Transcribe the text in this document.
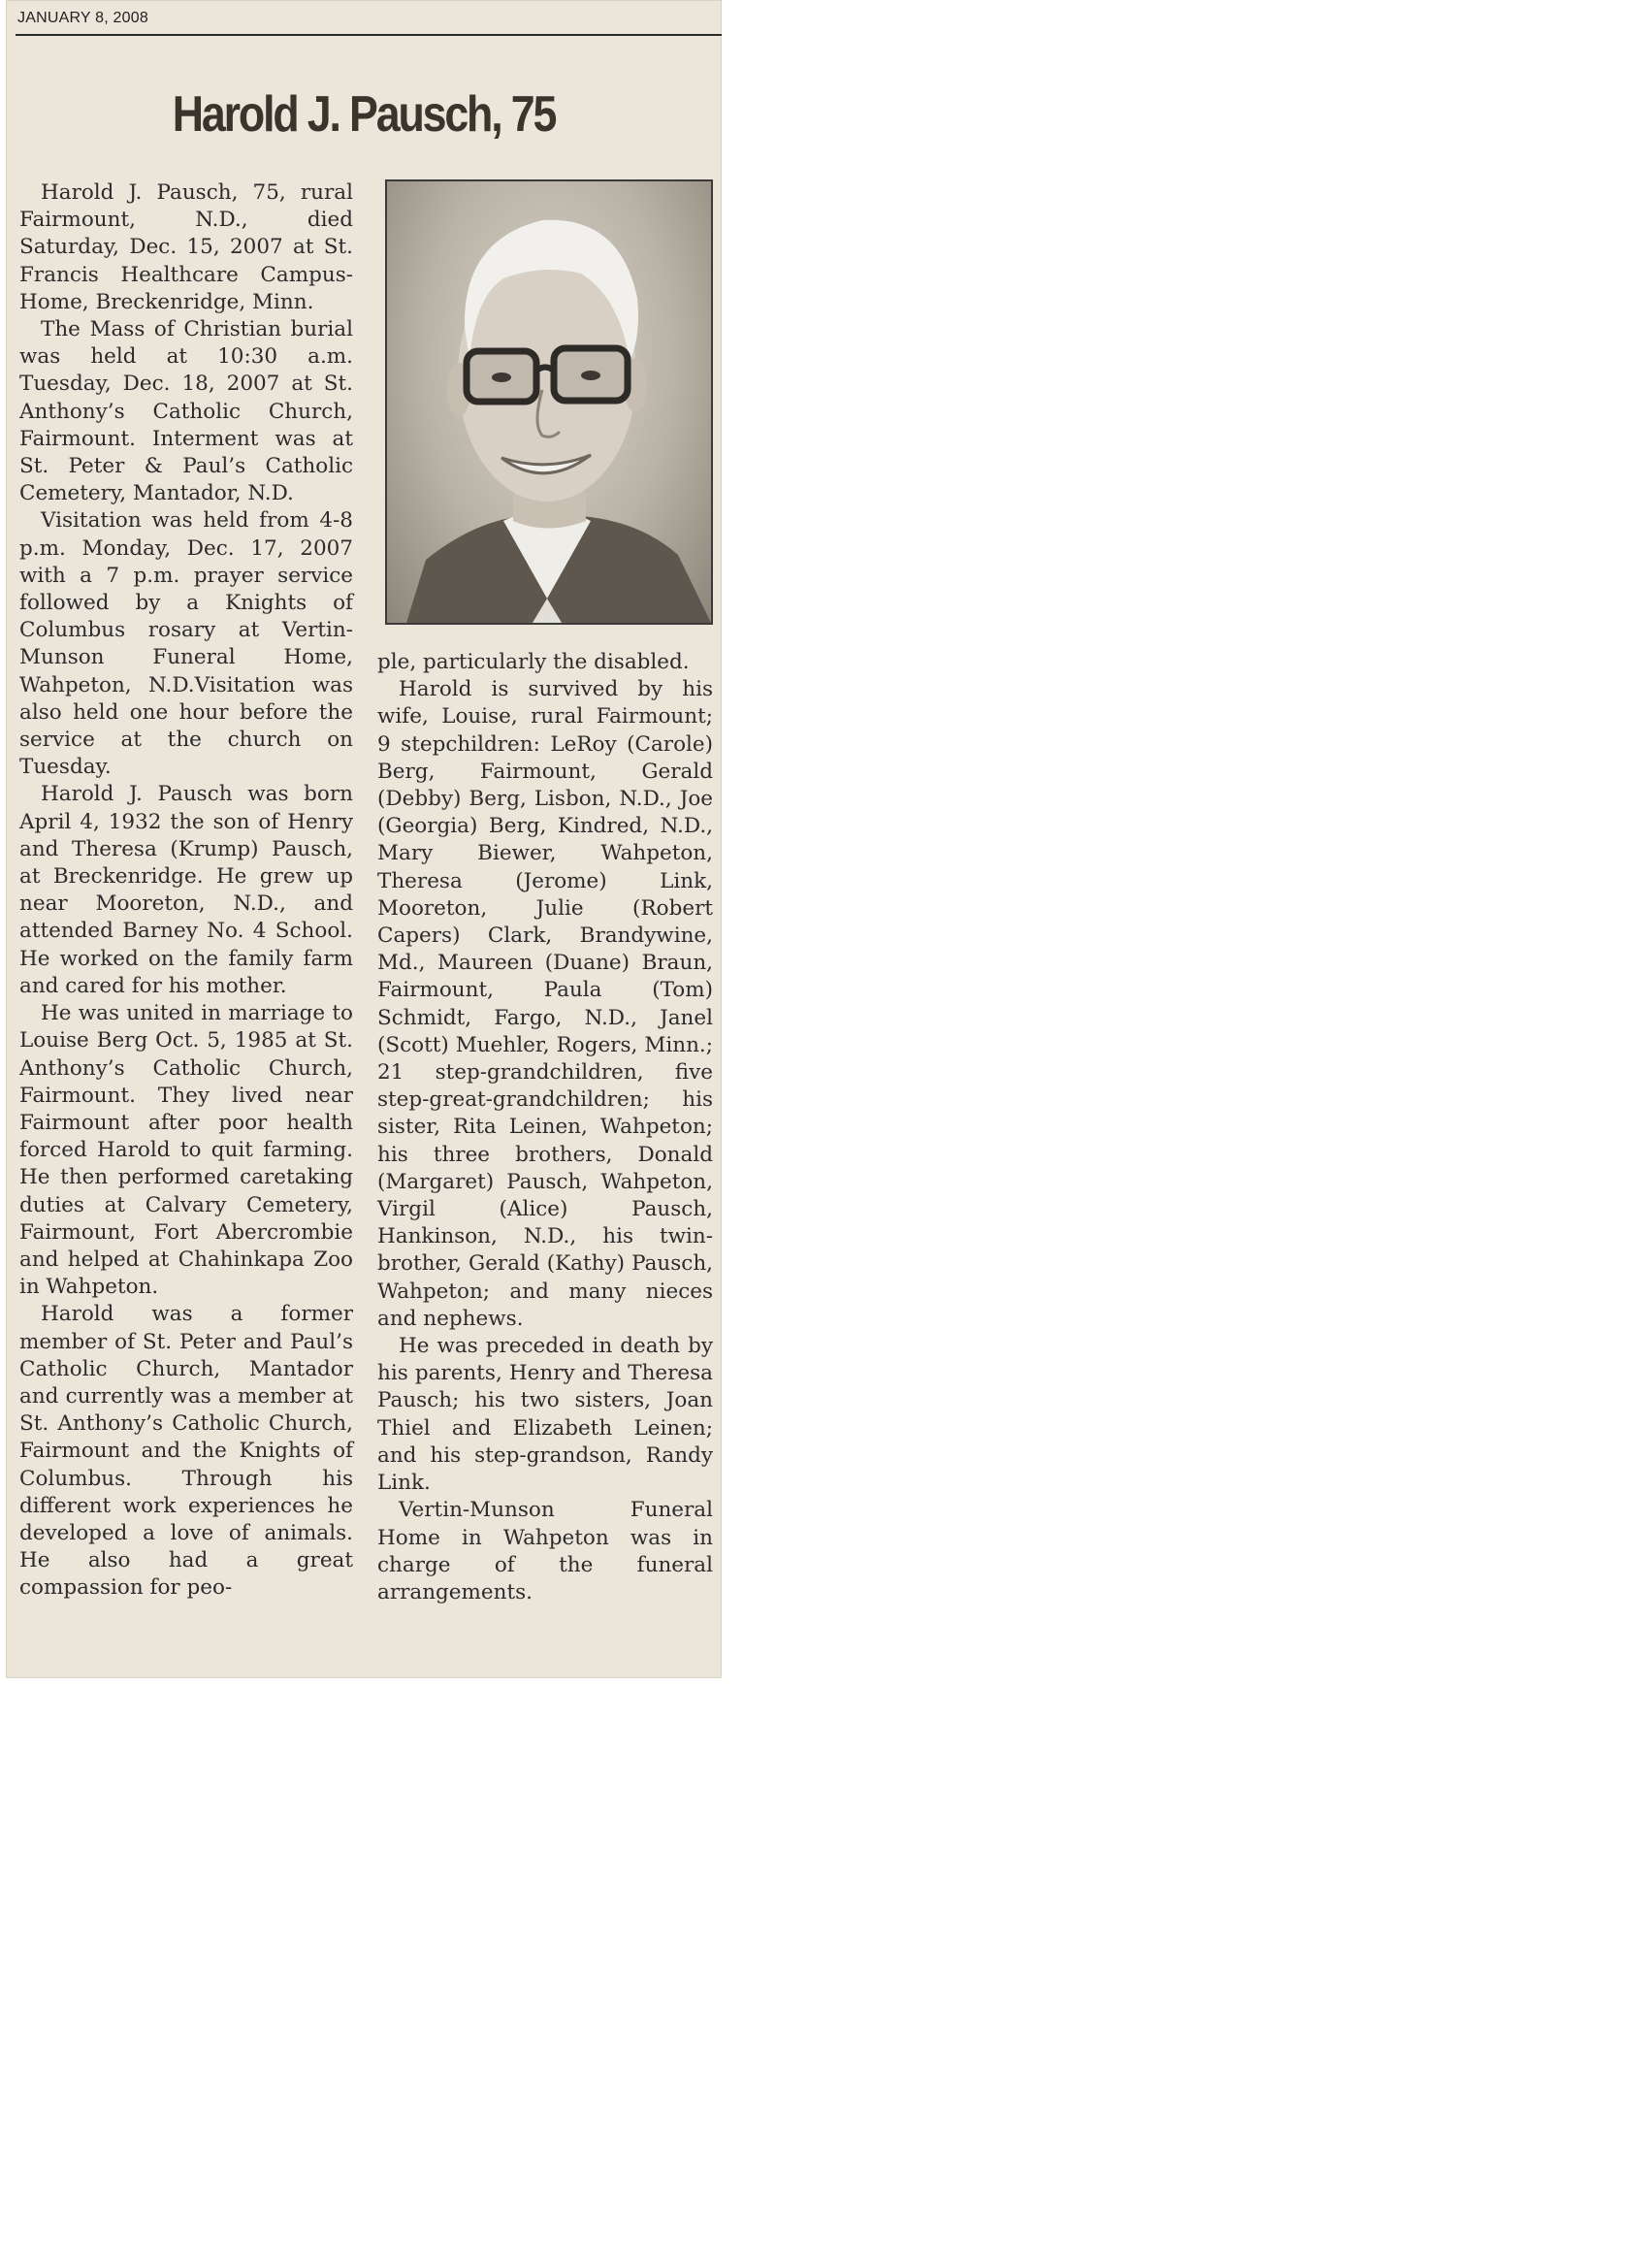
JANUARY 8, 2008
Harold J. Pausch, 75

Harold J. Pausch, 75, rural Fairmount, N.D., died Saturday, Dec. 15, 2007 at St. Francis Healthcare Campus-Home, Breckenridge, Minn.

The Mass of Christian burial was held at 10:30 a.m. Tuesday, Dec. 18, 2007 at St. Anthony’s Catholic Church, Fairmount. Interment was at St. Peter & Paul’s Catholic Cemetery, Mantador, N.D.

Visitation was held from 4-8 p.m. Monday, Dec. 17, 2007 with a 7 p.m. prayer service followed by a Knights of Columbus rosary at Vertin-Munson Funeral Home, Wahpeton, N.D.Visitation was also held one hour before the service at the church on Tuesday.

Harold J. Pausch was born April 4, 1932 the son of Henry and Theresa (Krump) Pausch, at Breckenridge. He grew up near Mooreton, N.D., and attended Barney No. 4 School. He worked on the family farm and cared for his mother.

He was united in marriage to Louise Berg Oct. 5, 1985 at St. Anthony’s Catholic Church, Fairmount. They lived near Fairmount after poor health forced Harold to quit farming. He then performed caretaking duties at Calvary Cemetery, Fairmount, Fort Abercrombie and helped at Chahinkapa Zoo in Wahpeton.

Harold was a former member of St. Peter and Paul’s Catholic Church, Mantador and currently was a member at St. Anthony’s Catholic Church, Fairmount and the Knights of Columbus. Through his different work experiences he developed a love of animals. He also had a great compassion for peo-

ple, particularly the disabled.

Harold is survived by his wife, Louise, rural Fairmount; 9 stepchildren: LeRoy (Carole) Berg, Fairmount, Gerald (Debby) Berg, Lisbon, N.D., Joe (Georgia) Berg, Kindred, N.D., Mary Biewer, Wahpeton, Theresa (Jerome) Link, Mooreton, Julie (Robert Capers) Clark, Brandywine, Md., Maureen (Duane) Braun, Fairmount, Paula (Tom) Schmidt, Fargo, N.D., Janel (Scott) Muehler, Rogers, Minn.; 21 step-grandchildren, five step-great-grandchildren; his sister, Rita Leinen, Wahpeton; his three brothers, Donald (Margaret) Pausch, Wahpeton, Virgil (Alice) Pausch, Hankinson, N.D., his twin-brother, Gerald (Kathy) Pausch, Wahpeton; and many nieces and nephews.

He was preceded in death by his parents, Henry and Theresa Pausch; his two sisters, Joan Thiel and Elizabeth Leinen; and his step-grandson, Randy Link.

Vertin-Munson Funeral Home in Wahpeton was in charge of the funeral arrangements.
